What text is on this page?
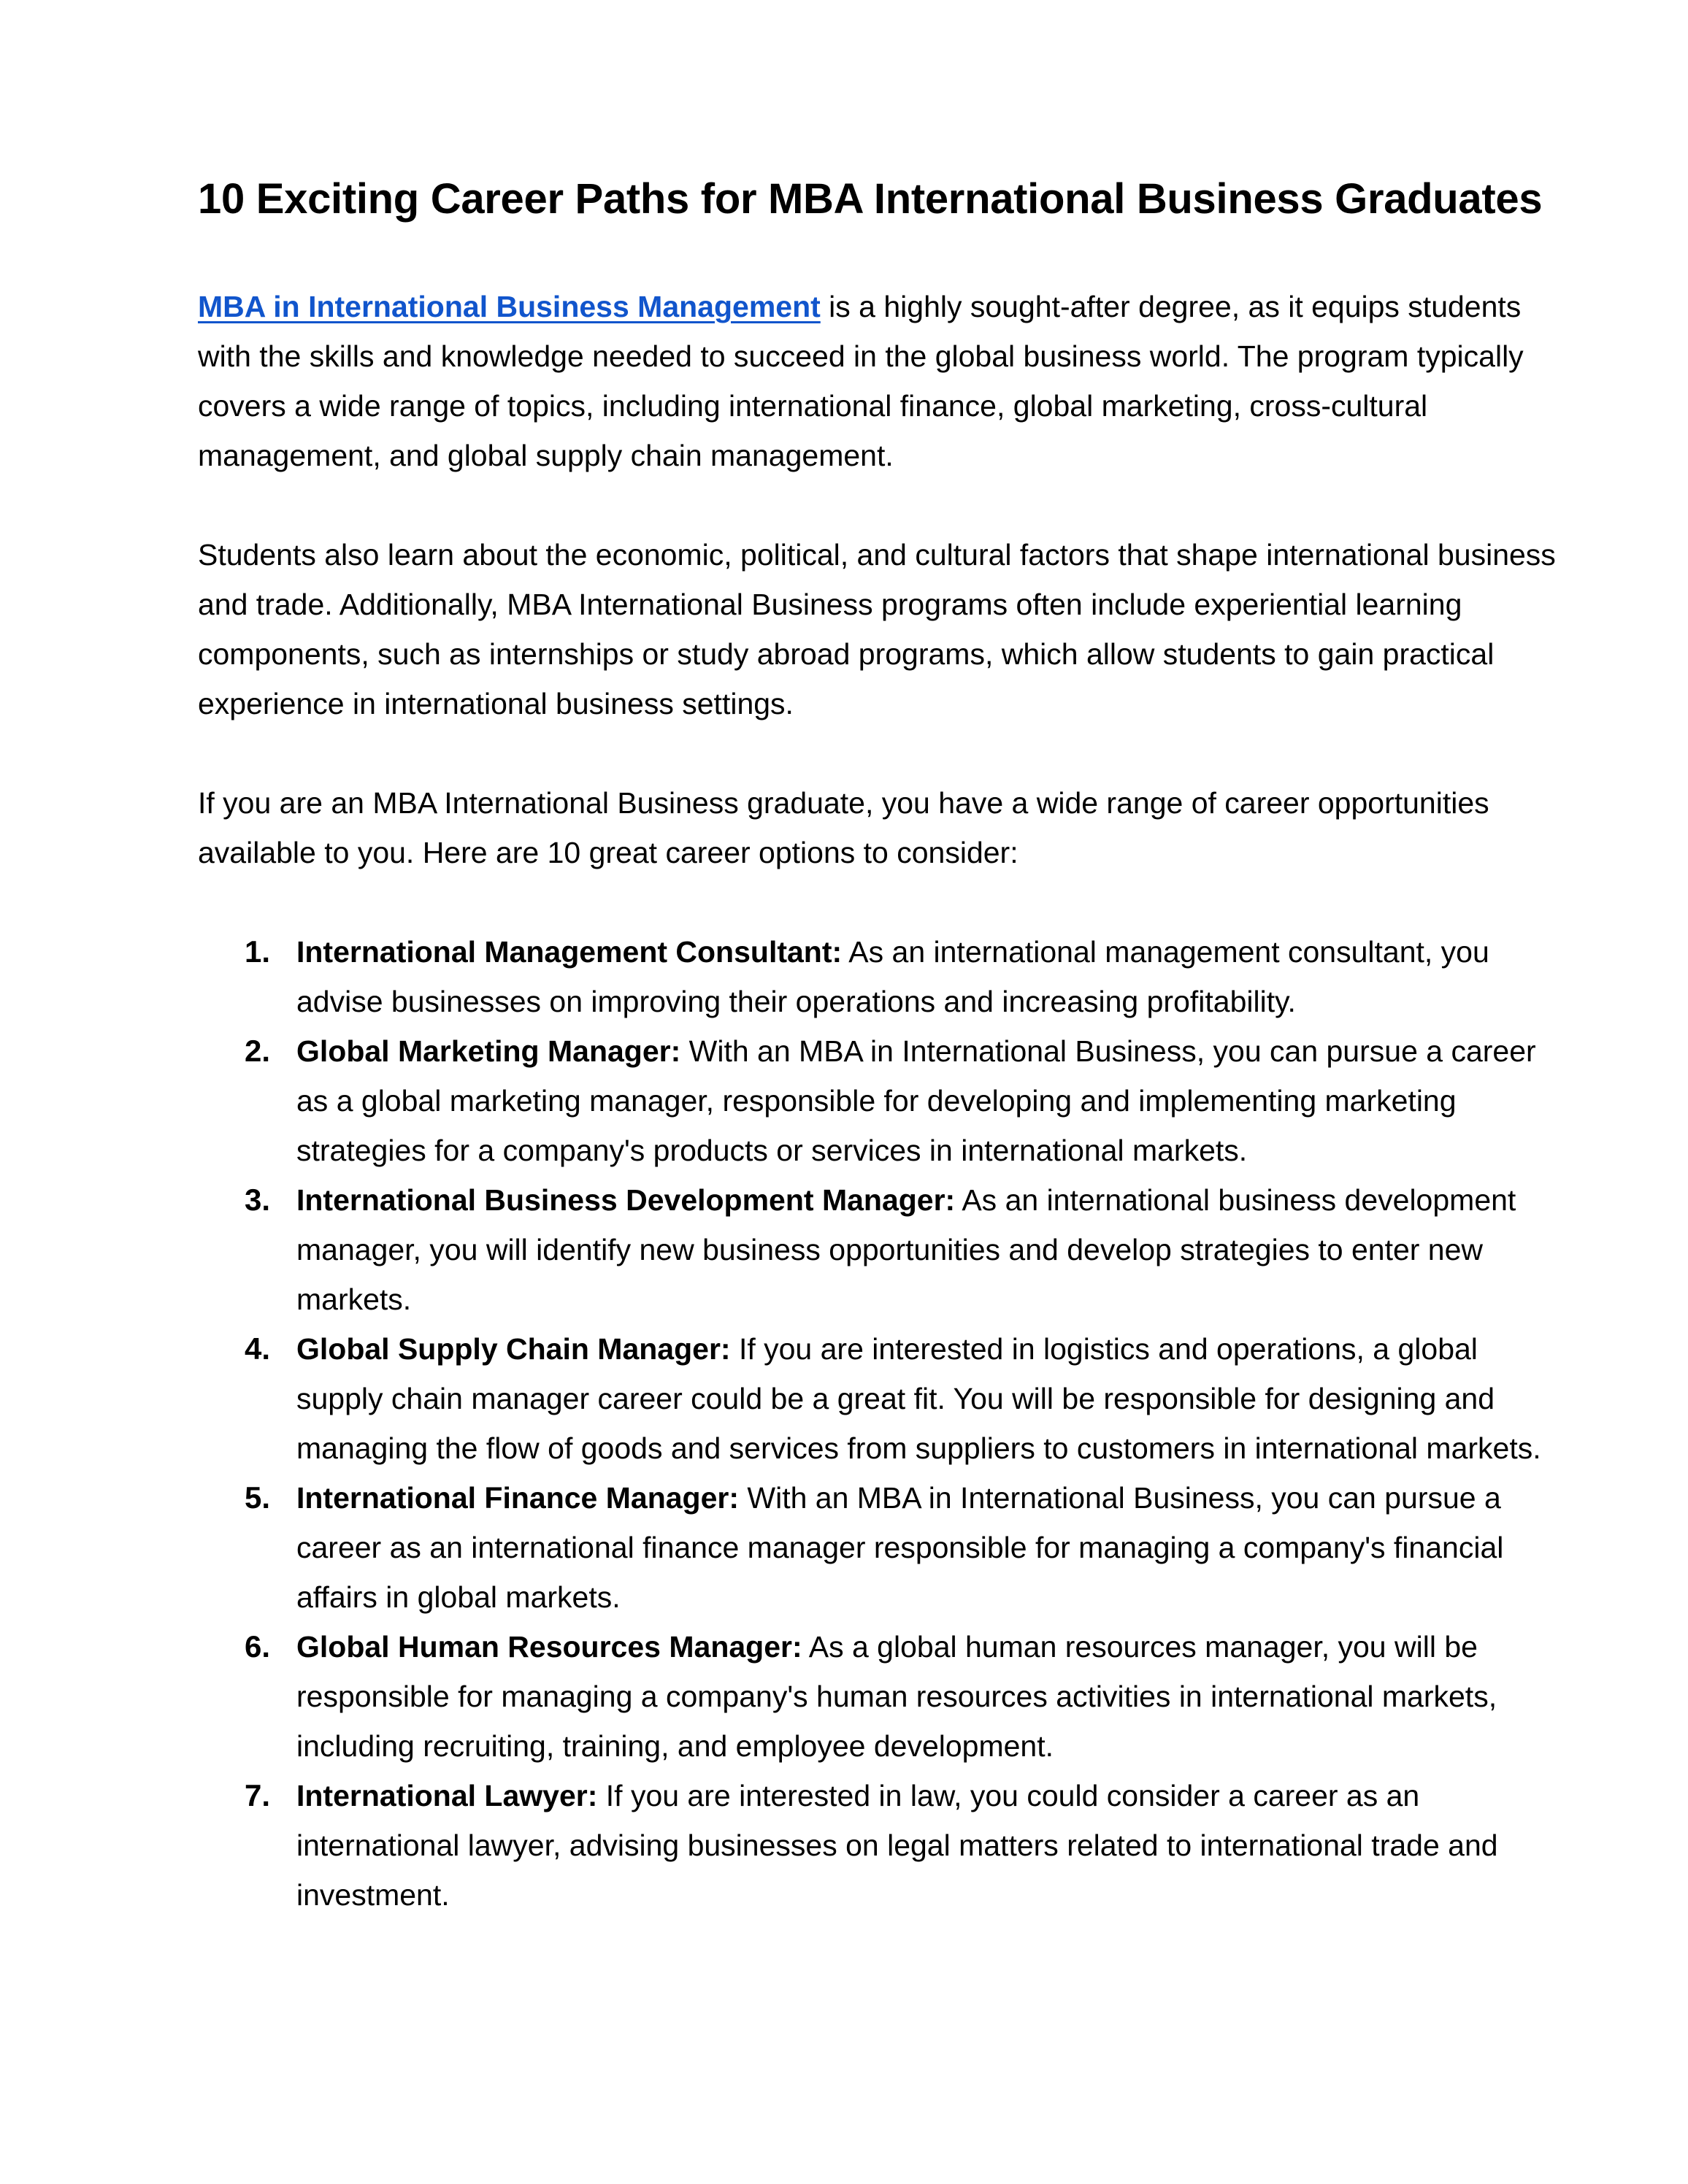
10 Exciting Career Paths for MBA International Business Graduates

MBA in International Business Management is a highly sought-after degree, as it equips students with the skills and knowledge needed to succeed in the global business world. The program typically covers a wide range of topics, including international finance, global marketing, cross-cultural management, and global supply chain management.

Students also learn about the economic, political, and cultural factors that shape international business and trade. Additionally, MBA International Business programs often include experiential learning components, such as internships or study abroad programs, which allow students to gain practical experience in international business settings.

If you are an MBA International Business graduate, you have a wide range of career opportunities available to you. Here are 10 great career options to consider:

1. International Management Consultant: As an international management consultant, you advise businesses on improving their operations and increasing profitability.
2. Global Marketing Manager: With an MBA in International Business, you can pursue a career as a global marketing manager, responsible for developing and implementing marketing strategies for a company's products or services in international markets.
3. International Business Development Manager: As an international business development manager, you will identify new business opportunities and develop strategies to enter new markets.
4. Global Supply Chain Manager: If you are interested in logistics and operations, a global supply chain manager career could be a great fit. You will be responsible for designing and managing the flow of goods and services from suppliers to customers in international markets.
5. International Finance Manager: With an MBA in International Business, you can pursue a career as an international finance manager responsible for managing a company's financial affairs in global markets.
6. Global Human Resources Manager: As a global human resources manager, you will be responsible for managing a company's human resources activities in international markets, including recruiting, training, and employee development.
7. International Lawyer: If you are interested in law, you could consider a career as an international lawyer, advising businesses on legal matters related to international trade and investment.
